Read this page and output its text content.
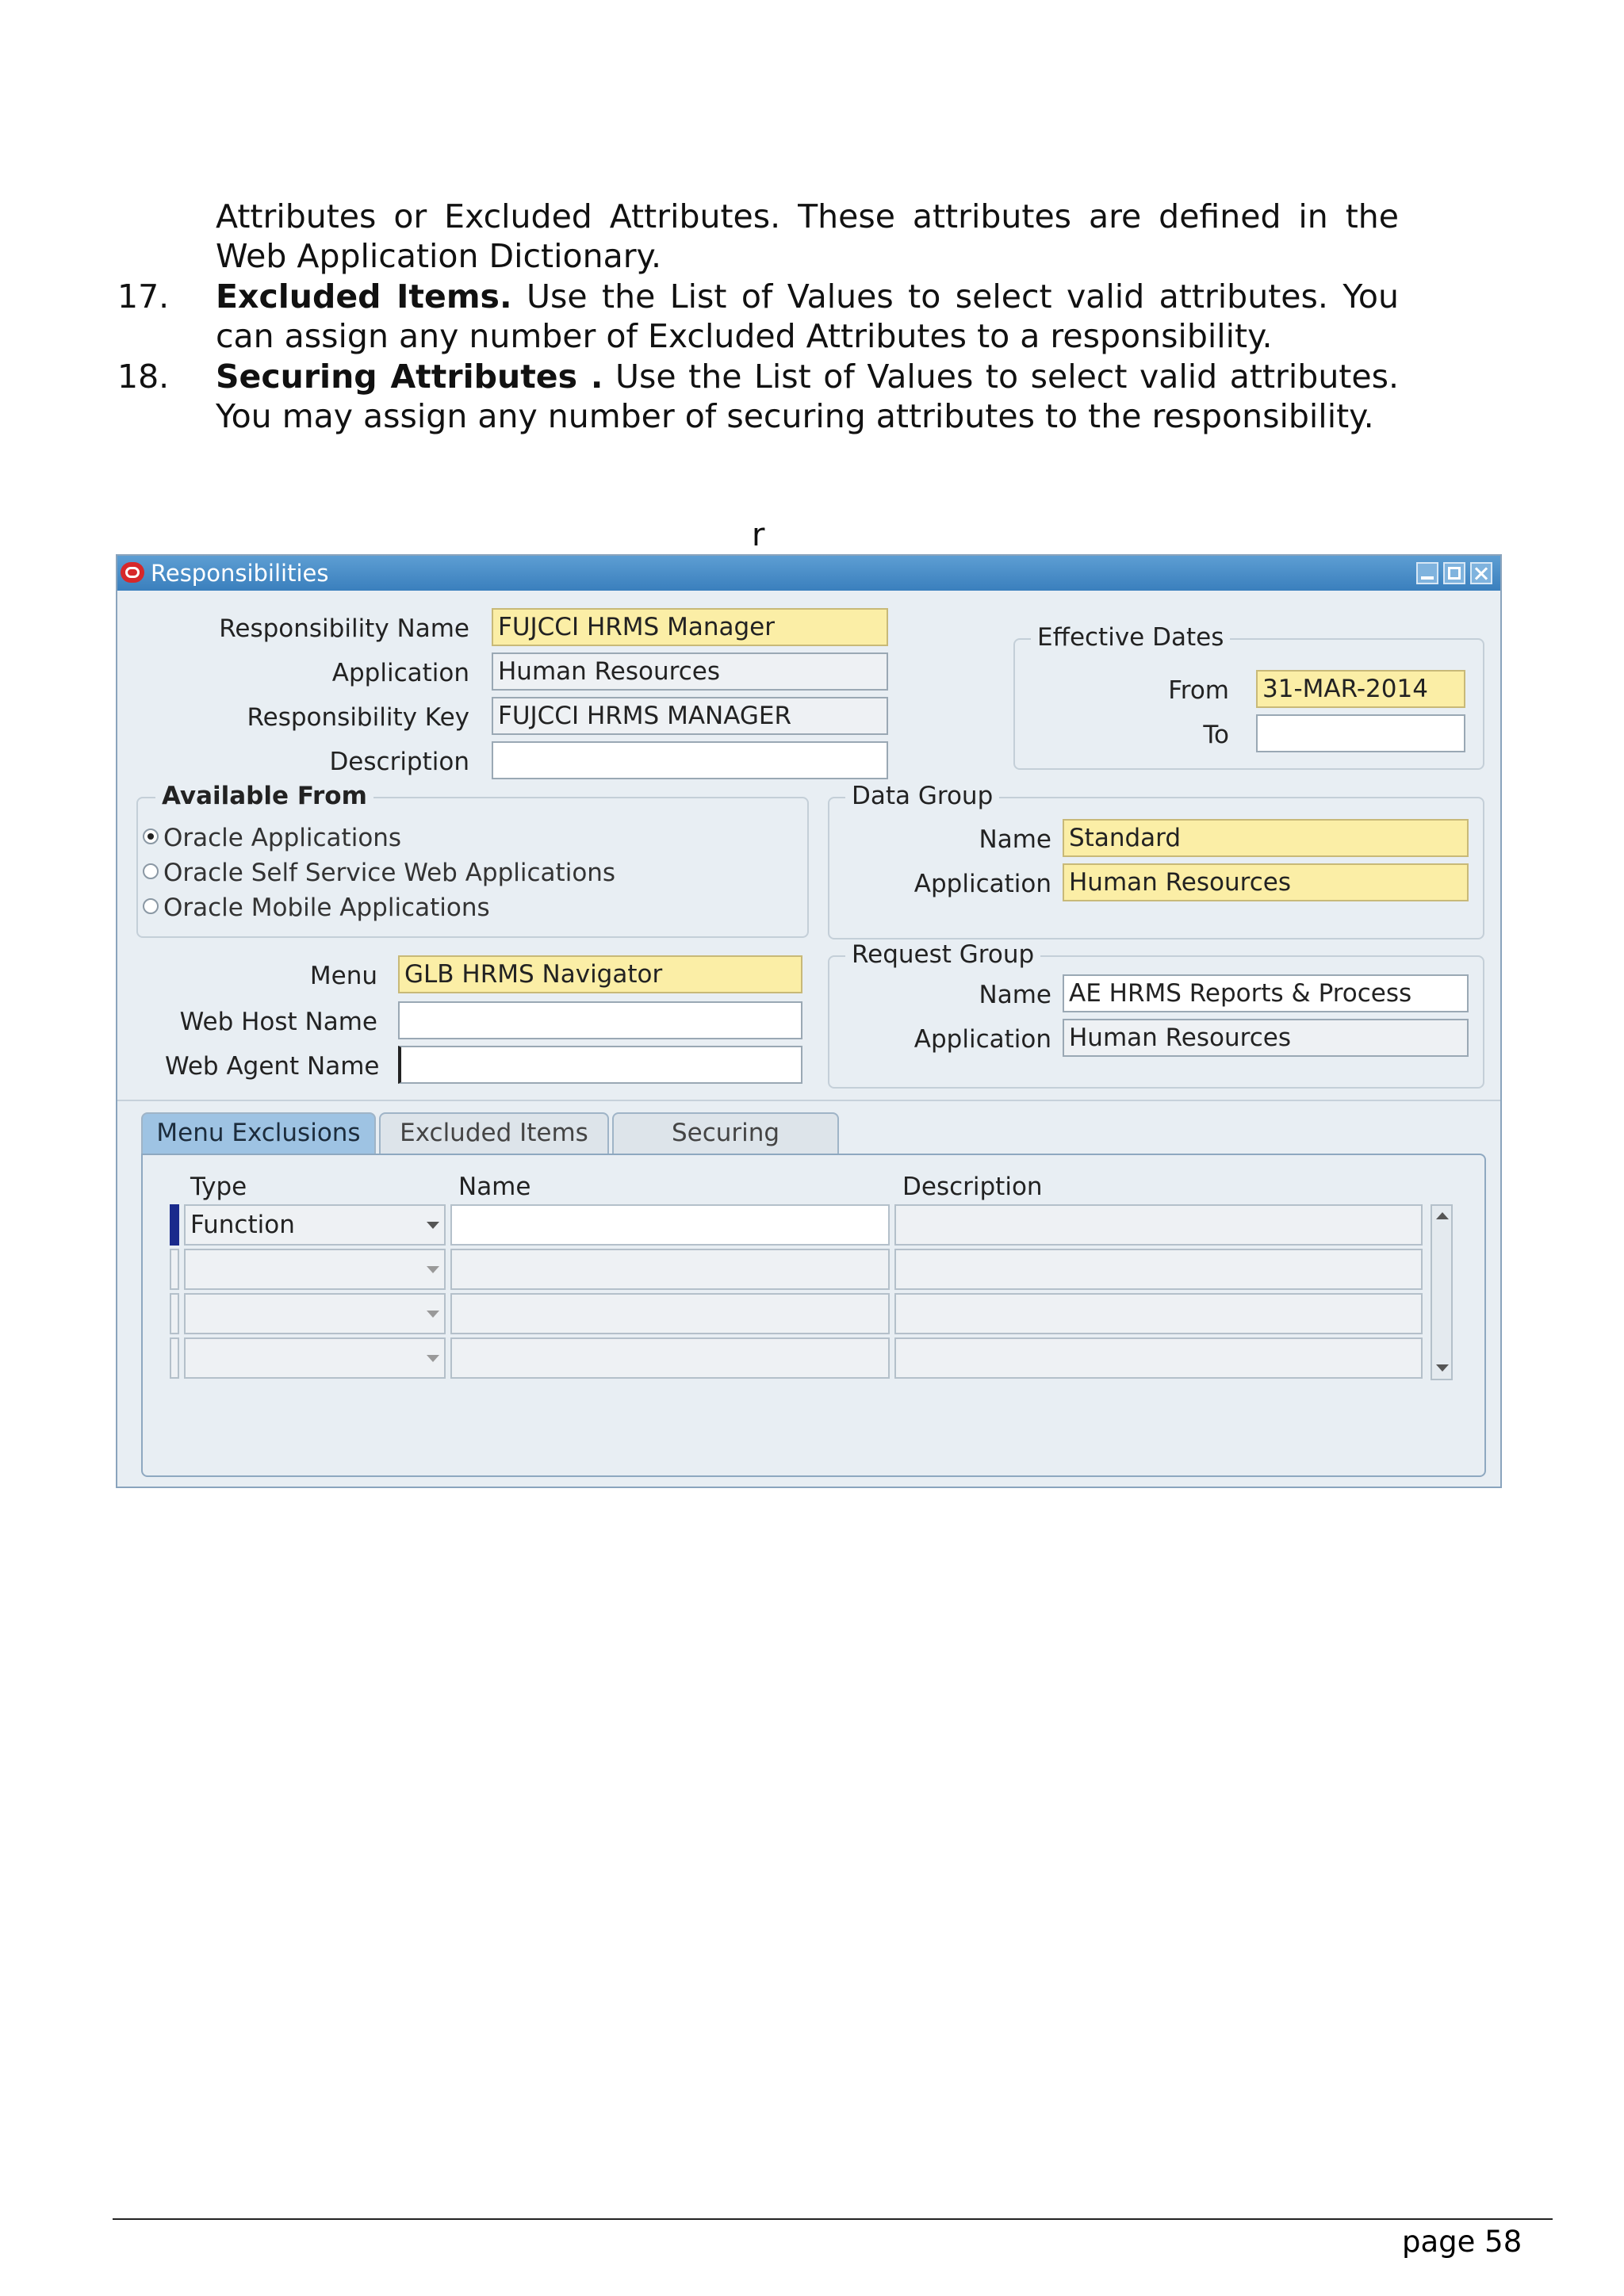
Attributes or Excluded Attributes. These attributes are defined in the
Web Application Dictionary.
17. Excluded Items. Use the List of Values to select valid attributes. You
can assign any number of Excluded Attributes to a responsibility.
18. Securing Attributes . Use the List of Values to select valid attributes.
You may assign any number of securing attributes to the responsibility.
r
Responsibilities
Responsibility Name FUJCCI HRMS Manager
Application Human Resources
Responsibility Key FUJCCI HRMS MANAGER
Description
Effective Dates
From 31-MAR-2014
To
Available From
Oracle Applications
Oracle Self Service Web Applications
Oracle Mobile Applications
Data Group
Name Standard
Application Human Resources
Menu GLB HRMS Navigator
Web Host Name
Web Agent Name
Request Group
Name AE HRMS Reports & Process
Application Human Resources
Menu Exclusions	Excluded Items	Securing
Type	Name	Description
Function
page 58
